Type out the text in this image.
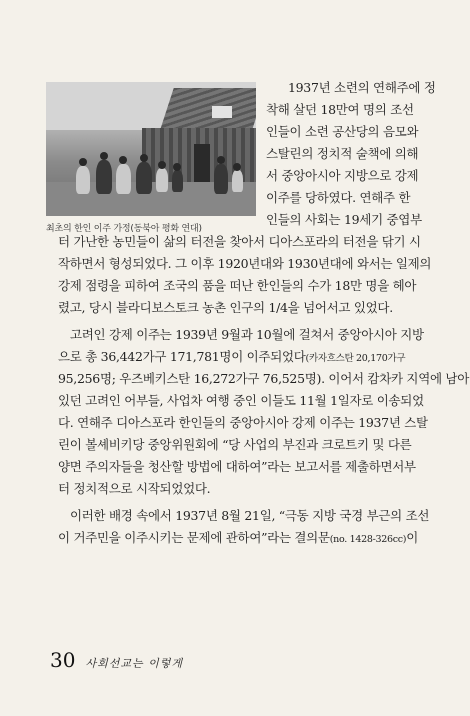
최초의 한인 이주 가정(동북아 평화 연대)
1937년 소련의 연해주에 정
착해 살던 18만여 명의 조선
인들이 소련 공산당의 음모와
스탈린의 정치적 술책에 의해
서 중앙아시아 지방으로 강제
이주를 당하였다. 연해주 한
인들의 사회는 19세기 중엽부
터 가난한 농민들이 삶의 터전을 찾아서 디아스포라의 터전을 닦기 시
작하면서 형성되었다. 그 이후 1920년대와 1930년대에 와서는 일제의
강제 점령을 피하여 조국의 품을 떠난 한인들의 수가 18만 명을 헤아
렸고, 당시 블라디보스토크 농촌 인구의 1/4을 넘어서고 있었다.
고려인 강제 이주는 1939년 9월과 10월에 걸쳐서 중앙아시아 지방
으로 총 36,442가구 171,781명이 이주되었다(카자흐스탄 20,170가구
95,256명; 우즈베키스탄 16,272가구 76,525명). 이어서 캄차카 지역에 남아
있던 고려인 어부들, 사업차 여행 중인 이들도 11월 1일자로 이송되었
다. 연해주 디아스포라 한인들의 중앙아시아 강제 이주는 1937년 스탈
린이 볼셰비키당 중앙위원회에 “당 사업의 부진과 크로트키 및 다른
양면 주의자들을 청산할 방법에 대하여”라는 보고서를 제출하면서부
터 정치적으로 시작되었었다.
이러한 배경 속에서 1937년 8월 21일, “극동 지방 국경 부근의 조선
이 거주민을 이주시키는 문제에 관하여”라는 결의문(no. 1428-326cc)이
30 사회선교는 이렇게
